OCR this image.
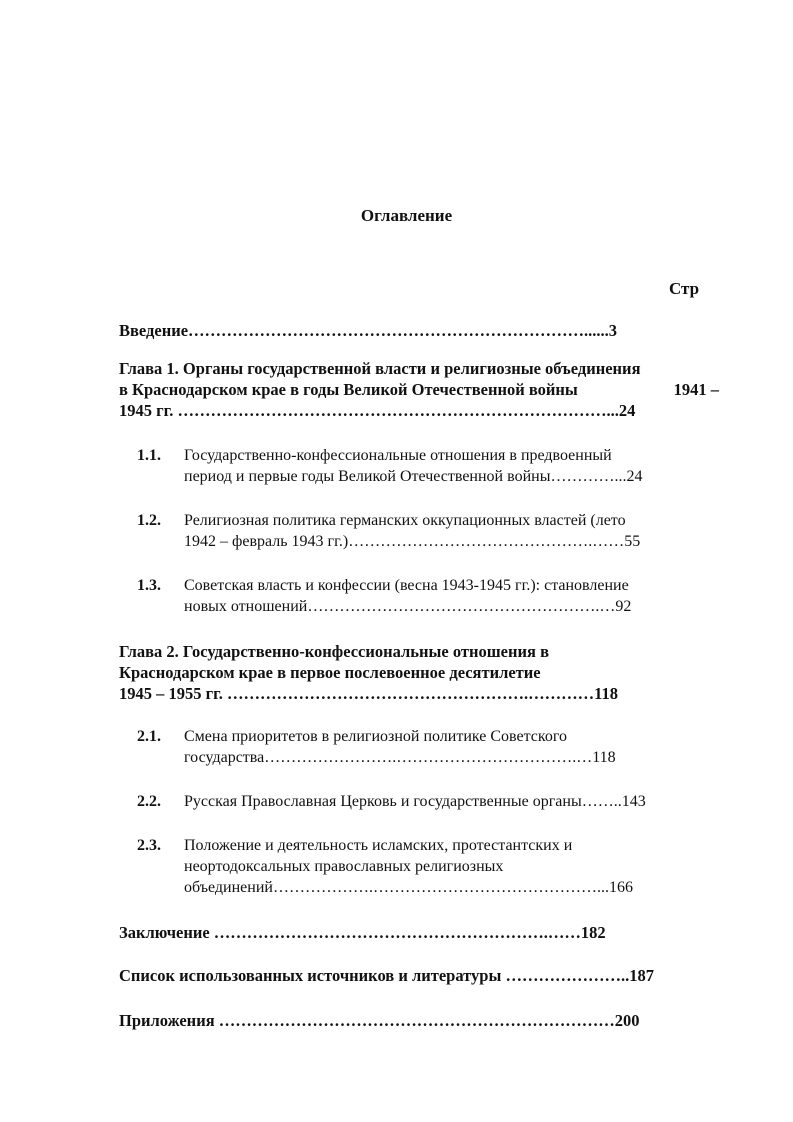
Оглавление
Стр
Введение………………………………………………………………......3
Глава 1. Органы государственной власти и религиозные объединения
в Краснодарском крае в годы Великой Отечественной войны	1941 –
1945 гг. ……………………………………………………………………...24
1.1. Государственно-конфессиональные отношения в предвоенный
период и первые годы Великой Отечественной войны…………...24
1.2. Религиозная политика германских оккупационных властей (лето
1942 – февраль 1943 гг.)……………………………………….……55
1.3. Советская власть и конфессии (весна 1943-1945 гг.): становление
новых отношений……………………………………………….…92
Глава 2. Государственно-конфессиональные отношения в
Краснодарском крае в первое послевоенное десятилетие
1945 – 1955 гг. ……………………………………………….…………118
2.1. Смена приоритетов в религиозной политике Советского
государства…………………….…………………………….…118
2.2. Русская Православная Церковь и государственные органы……..143
2.3. Положение и деятельность исламских, протестантских и
неортодоксальных православных религиозных
объединений……………….……………………………………...166
Заключение …………………………………………………….……182
Список использованных источников и литературы …………………..187
Приложения ………………………………………………………………200
